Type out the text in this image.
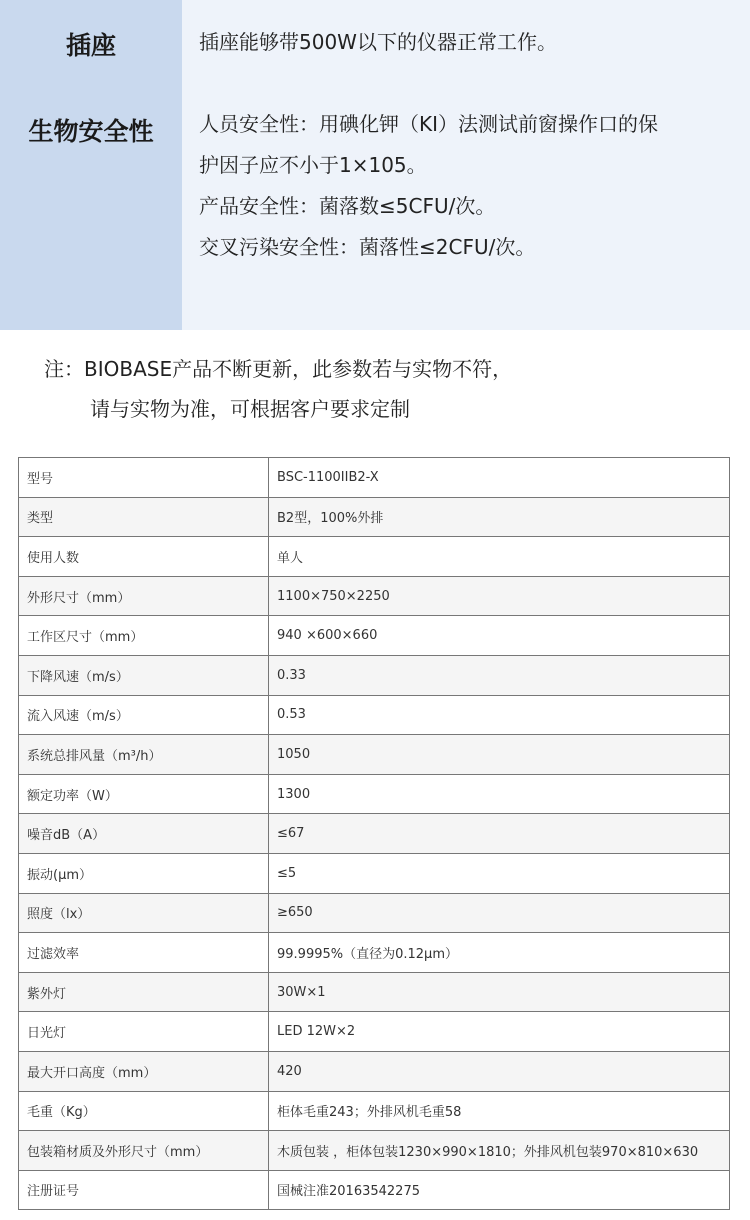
插座	插座能够带500W以下的仪器正常工作。
生物安全性	人员安全性：用碘化钾（KI）法测试前窗操作口的保
护因子应不小于1×105。
产品安全性：菌落数≤5CFU/次。
交叉污染安全性：菌落性≤2CFU/次。
注：BIOBASE产品不断更新，此参数若与实物不符，
请与实物为准，可根据客户要求定制
型号	BSC-1100IIB2-X
类型	B2型，100%外排
使用人数	单人
外形尺寸（mm）	1100×750×2250
工作区尺寸（mm）	940 ×600×660
下降风速（m/s）	0.33
流入风速（m/s）	0.53
系统总排风量（m³/h）	1050
额定功率（W）	1300
噪音dB（A）	≤67
振动(μm）	≤5
照度（lx）	≥650
过滤效率	99.9995%（直径为0.12μm）
紫外灯	30W×1
日光灯	LED 12W×2
最大开口高度（mm）	420
毛重（Kg）	柜体毛重243；外排风机毛重58
包装箱材质及外形尺寸（mm）	木质包装 ，柜体包装1230×990×1810；外排风机包装970×810×630
注册证号	国械注准20163542275
